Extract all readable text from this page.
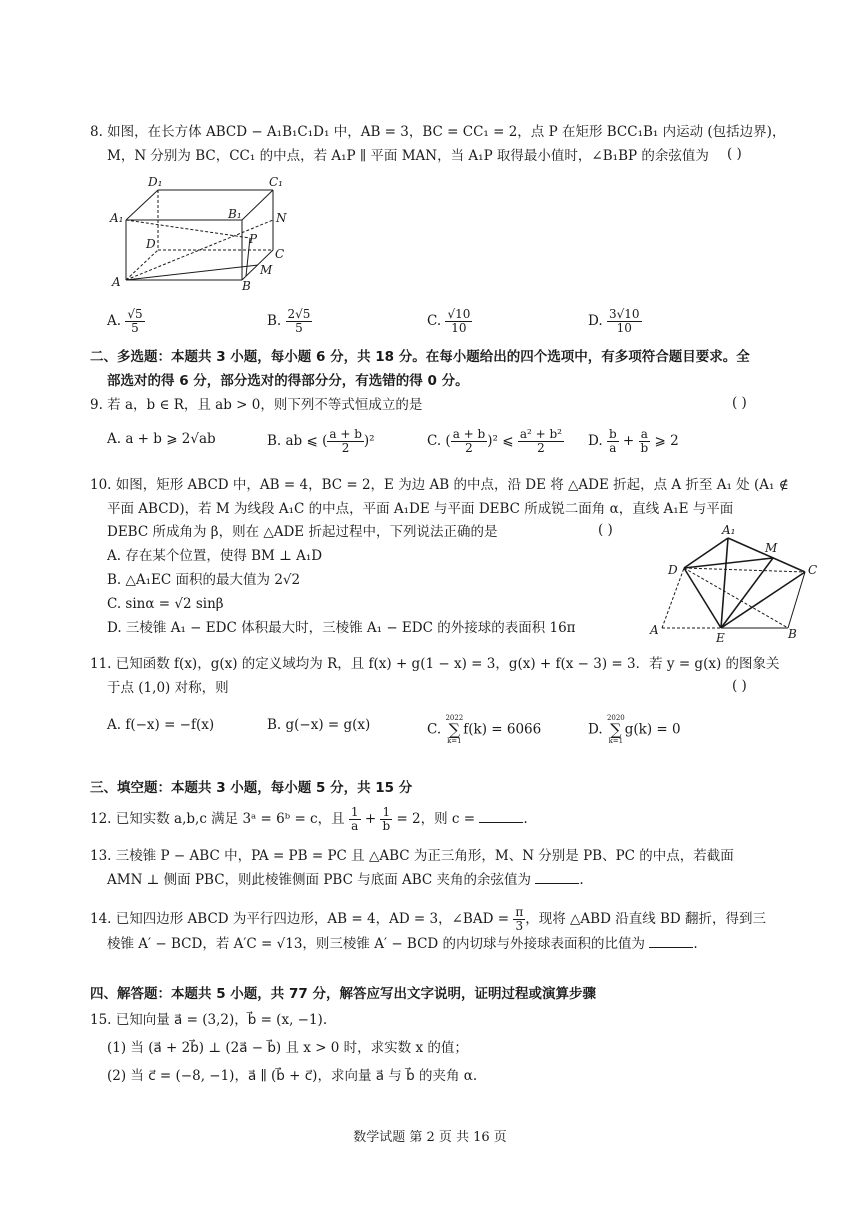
8. 如图，在长方体 ABCD − A₁B₁C₁D₁ 中，AB = 3，BC = CC₁ = 2，点 P 在矩形 BCC₁B₁ 内运动 (包括边界)，
M，N 分别为 BC，CC₁ 的中点，若 A₁P ∥ 平面 MAN，当 A₁P 取得最小值时，∠B₁BP 的余弦值为 ( )
D₁	C₁
A₁	B₁	N
D	P
C
M
A	B
A. $\frac{√5}{5}$	B. $\frac{2√5}{5}$	C. $\frac{√10}{10}$	D. $\frac{3√10}{10}$
二、多选题：本题共 3 小题，每小题 6 分，共 18 分。在每小题给出的四个选项中，有多项符合题目要求。全
部选对的得 6 分，部分选对的得部分分，有选错的得 0 分。
9. 若 a，b ∈ R，且 ab > 0，则下列不等式恒成立的是	( )
A. a + b ⩾ 2√ab	B. ab ⩽ ( $\frac{a + b}{2} )^2$	C. ( $\frac{a + b}{2} )^2$ ⩽ $\frac{\text{a² + b²}}{2} D$. $\frac{b}{a} + \frac{a}{b}$ ⩾ 2
10. 如图，矩形 ABCD 中，AB = 4，BC = 2，E 为边 AB 的中点，沿 DE 将 △ADE 折起，点 A 折至 A₁ 处 (A₁ ∉
平面 ABCD)，若 M 为线段 A₁C 的中点，平面 A₁DE 与平面 DEBC 所成锐二面角 α，直线 A₁E 与平面
DEBC 所成角为 β，则在 △ADE 折起过程中，下列说法正确的是	( )
A. 存在某个位置，使得 BM ⊥ A₁D
B. △A₁EC 面积的最大值为 2√2
C. sinα = √2 sinβ
D. 三棱锥 A₁ − EDC 体积最大时，三棱锥 A₁ − EDC 的外接球的表面积 16π
A₁
M
D	C
A
E	B
11. 已知函数 f(x)，g(x) 的定义域均为 R，且 f(x) + g(1 − x) = 3，g(x) + f(x − 3) = 3．若 y = g(x) 的图象关
于点 (1,0) 对称，则	( )
A. f(−x) = −f(x)	B. g(−x) = g(x)	C.
2022
∑
k=1
f(k) = 6066	D.
2020
∑
k=1
g(k) = 0
三、填空题：本题共 3 小题，每小题 5 分，共 15 分
12. 已知实数 a,b,c 满足 3ᵃ = 6ᵇ = c，且 $\frac{1}{a} + \frac{1}{b} = 2$，则 c =	.
13. 三棱锥 P − ABC 中，PA = PB = PC 且 △ABC 为正三角形，M、N 分别是 PB、PC 的中点，若截面
AMN ⊥ 侧面 PBC，则此棱锥侧面 PBC 与底面 ABC 夹角的余弦值为	.
14. 已知四边形 ABCD 为平行四边形，AB = 4，AD = 3，∠BAD = $\frac{\pi}{3}$ ，现将 △ABD 沿直线 BD 翻折，得到三
棱锥 A′ − BCD，若 A′C = √13，则三棱锥 A′ − BCD 的内切球与外接球表面积的比值为	.
四、解答题：本题共 5 小题，共 77 分，解答应写出文字说明，证明过程或演算步骤
15. 已知向量 a⃗ = (3,2)，b⃗ = (x, −1).
(1) 当 (a⃗ + 2b⃗) ⊥ (2a⃗ − b⃗) 且 x > 0 时，求实数 x 的值；
(2) 当 c⃗ = (−8, −1)，a⃗ ∥ (b⃗ + c⃗)，求向量 a⃗ 与 b⃗ 的夹角 α.
数学试题 第 2 页 共 16 页
